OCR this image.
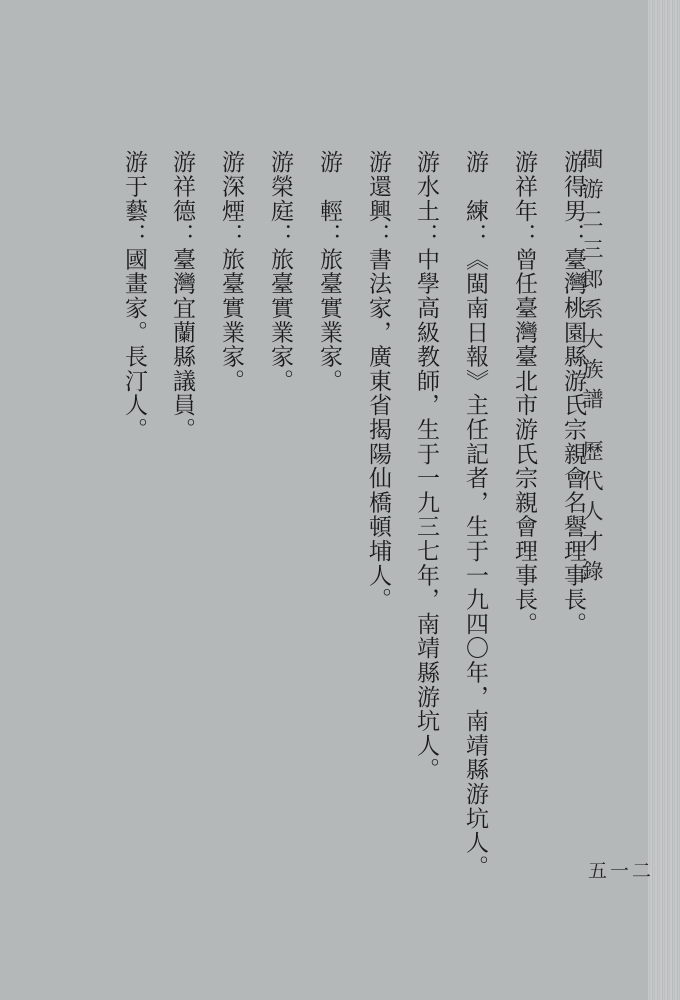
閩游二三郎系大族譜
歷代人才錄
游得男：臺灣桃園縣游氏宗親會名譽理事長。
游祥年：曾任臺灣臺北市游氏宗親會理事長。
游　練：《閩南日報》主任記者，生于一九四〇年，南靖縣游坑人。
游水土：中學高級教師，生于一九三七年，南靖縣游坑人。
游還興：書法家，廣東省揭陽仙橋頓埔人。
游　輕：旅臺實業家。
游榮庭：旅臺實業家。
游深煙：旅臺實業家。
游祥德：臺灣宜蘭縣議員。
游于藝：國畫家。長汀人。
五一二
